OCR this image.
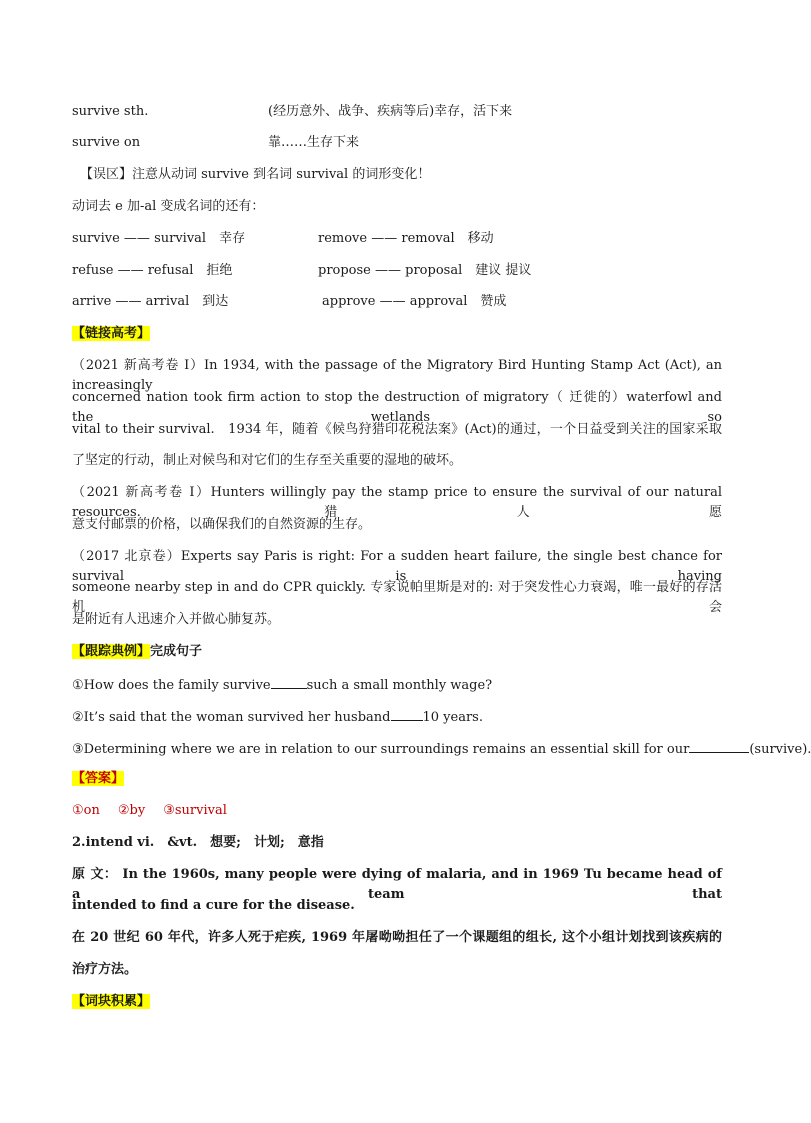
survive sth.	(经历意外、战争、疾病等后)幸存，活下来
survive on	靠……生存下来
【误区】注意从动词 survive 到名词 survival 的词形变化！
动词去 e 加-al 变成名词的还有：
survive —— survival　幸存	remove —— removal　移动
refuse —— refusal　拒绝	propose —— proposal　建议 提议
arrive —— arrival　到达	approve —— approval　赞成
【链接高考】
（2021 新高考卷 I）In 1934, with the passage of the Migratory Bird Hunting Stamp Act (Act), an increasingly
concerned nation took firm action to stop the destruction of migratory（ 迁徙的）waterfowl and the wetlands so
vital to their survival.　1934 年，随着《候鸟狩猎印花税法案》(Act)的通过，一个日益受到关注的国家采取
了坚定的行动，制止对候鸟和对它们的生存至关重要的湿地的破坏。
（2021 新高考卷 I）Hunters willingly pay the stamp price to ensure the survival of our natural resources. 猎人愿
意支付邮票的价格，以确保我们的自然资源的生存。
（2017 北京卷）Experts say Paris is right: For a sudden heart failure, the single best chance for survival is having
someone nearby step in and do CPR quickly. 专家说帕里斯是对的: 对于突发性心力衰竭，唯一最好的存活机会
是附近有人迅速介入并做心肺复苏。
【跟踪典例】完成句子
①How does the family survive	such a small monthly wage?
②It’s said that the woman survived her husband 10 years.
③Determining where we are in relation to our surroundings remains an essential skill for our	(survive).
【答案】
①on ②by ③survival
2.intend vi.　&vt.　想要;　计划;　意指
原 文： In the 1960s, many people were dying of malaria, and in 1969 Tu became head of a team that
intended to find a cure for the disease.
在 20 世纪 60 年代，许多人死于疟疾, 1969 年屠呦呦担任了一个课题组的组长, 这个小组计划找到该疾病的
治疗方法。
【词块积累】
